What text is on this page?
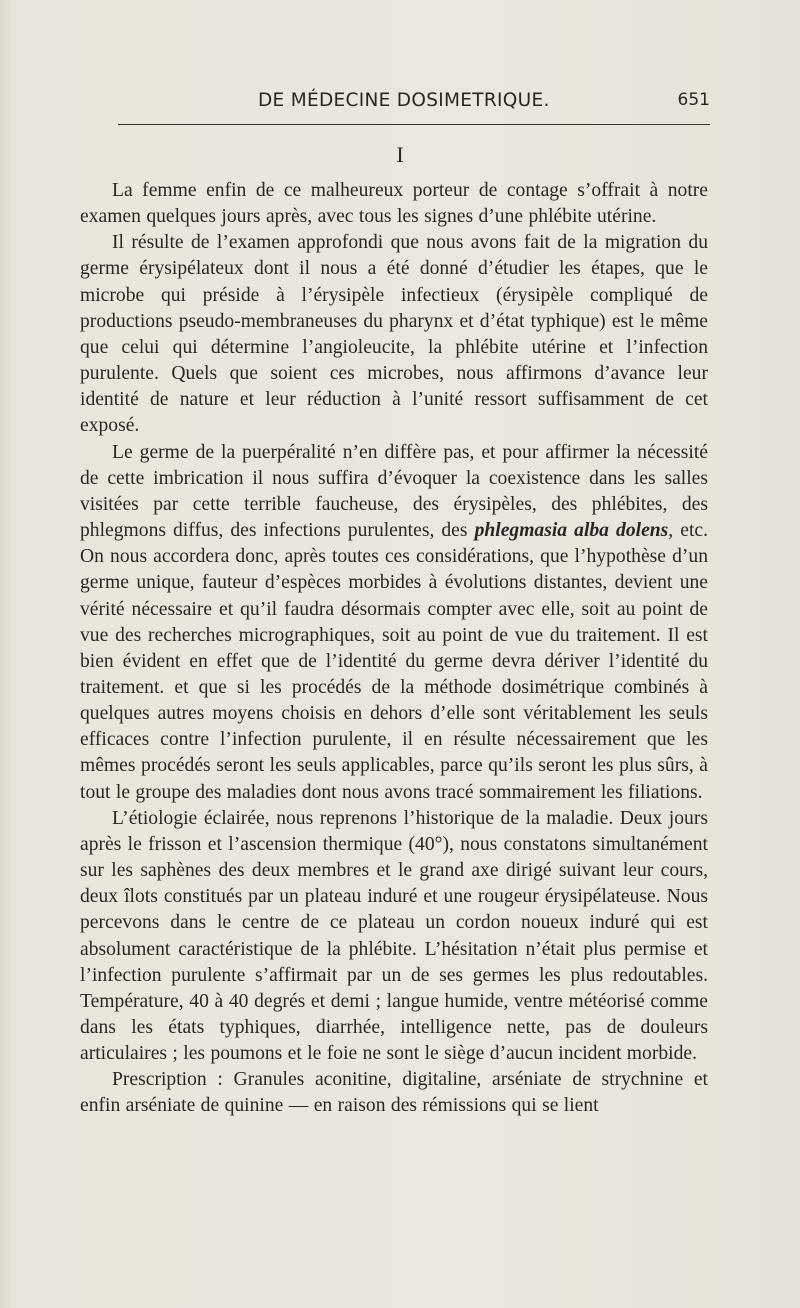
DE MÉDECINE DOSIMETRIQUE.	651
I

La femme enfin de ce malheureux porteur de contage s’offrait à notre examen quelques jours après, avec tous les signes d’une phlébite utérine.

Il résulte de l’examen approfondi que nous avons fait de la migration du germe érysipélateux dont il nous a été donné d’étudier les étapes, que le microbe qui préside à l’érysipèle infectieux (érysipèle compliqué de productions pseudo-membraneuses du pharynx et d’état typhique) est le même que celui qui détermine l’angioleucite, la phlébite utérine et l’infection purulente. Quels que soient ces microbes, nous affirmons d’avance leur identité de nature et leur réduction à l’unité ressort suffisamment de cet exposé.

Le germe de la puerpéralité n’en diffère pas, et pour affirmer la nécessité de cette imbrication il nous suffira d’évoquer la coexistence dans les salles visitées par cette terrible faucheuse, des érysipèles, des phlébites, des phlegmons diffus, des infections purulentes, des phlegmasia alba dolens, etc. On nous accordera donc, après toutes ces considérations, que l’hypothèse d’un germe unique, fauteur d’espèces morbides à évolutions distantes, devient une vérité nécessaire et qu’il faudra désormais compter avec elle, soit au point de vue des recherches micrographiques, soit au point de vue du traitement. Il est bien évident en effet que de l’identité du germe devra dériver l’identité du traitement. et que si les procédés de la méthode dosimétrique combinés à quelques autres moyens choisis en dehors d’elle sont véritablement les seuls efficaces contre l’infection purulente, il en résulte nécessairement que les mêmes procédés seront les seuls applicables, parce qu’ils seront les plus sûrs, à tout le groupe des maladies dont nous avons tracé sommairement les filiations.

L’étiologie éclairée, nous reprenons l’historique de la maladie. Deux jours après le frisson et l’ascension thermique (40°), nous constatons simultanément sur les saphènes des deux membres et le grand axe dirigé suivant leur cours, deux îlots constitués par un plateau induré et une rougeur érysipélateuse. Nous percevons dans le centre de ce plateau un cordon noueux induré qui est absolument caractéristique de la phlébite. L’hésitation n’était plus permise et l’infection purulente s’affirmait par un de ses germes les plus redoutables. Température, 40 à 40 degrés et demi ; langue humide, ventre météorisé comme dans les états typhiques, diarrhée, intelligence nette, pas de douleurs articulaires ; les poumons et le foie ne sont le siège d’aucun incident morbide.

Prescription : Granules aconitine, digitaline, arséniate de strychnine et enfin arséniate de quinine — en raison des rémissions qui se lient
